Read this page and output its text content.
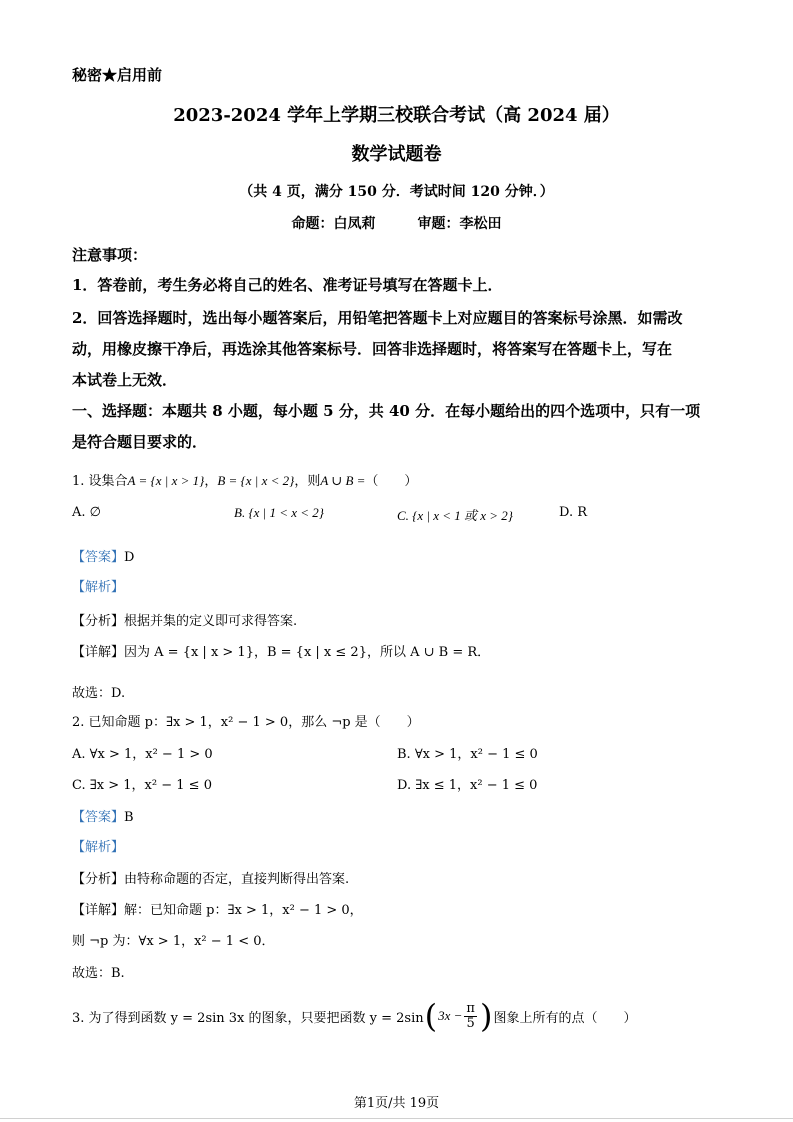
秘密★启用前
2023-2024 学年上学期三校联合考试（高 2024 届）
数学试题卷
（共 4 页，满分 150 分．考试时间 120 分钟．）
命题：白凤莉　　　审题：李松田
注意事项：
1．答卷前，考生务必将自己的姓名、准考证号填写在答题卡上．
2．回答选择题时，选出每小题答案后，用铅笔把答题卡上对应题目的答案标号涂黑．如需改
动，用橡皮擦干净后，再选涂其他答案标号．回答非选择题时，将答案写在答题卡上，写在
本试卷上无效．
一、选择题：本题共 8 小题，每小题 5 分，共 40 分．在每小题给出的四个选项中，只有一项
是符合题目要求的．
1. 设集合A = {x | x > 1}，B = {x | x < 2}，则A ∪ B =（　　）
A. ∅	B. {x | 1 < x < 2}	C. {x | x < 1 或 x > 2}	D. R
【答案】D
【解析】
【分析】根据并集的定义即可求得答案.
【详解】因为 A = {x | x > 1}，B = {x | x ≤ 2}，所以 A ∪ B = R．
故选：D.
2. 已知命题 p：∃x > 1，x² − 1 > 0，那么 ¬p 是（　　）
A. ∀x > 1，x² − 1 > 0	B. ∀x > 1，x² − 1 ≤ 0
C. ∃x > 1，x² − 1 ≤ 0	D. ∃x ≤ 1，x² − 1 ≤ 0
【答案】B
【解析】
【分析】由特称命题的否定，直接判断得出答案.
【详解】解：已知命题 p：∃x > 1，x² − 1 > 0，
则 ¬p 为：∀x > 1，x² − 1 < 0．
故选：B.
3. 为了得到函数 y = 2sin 3x 的图象，只要把函数 y = 2sin ( $3x - \frac{\pi}{5}$ ) 图象上所有的点（　　）
第1页/共 19页
